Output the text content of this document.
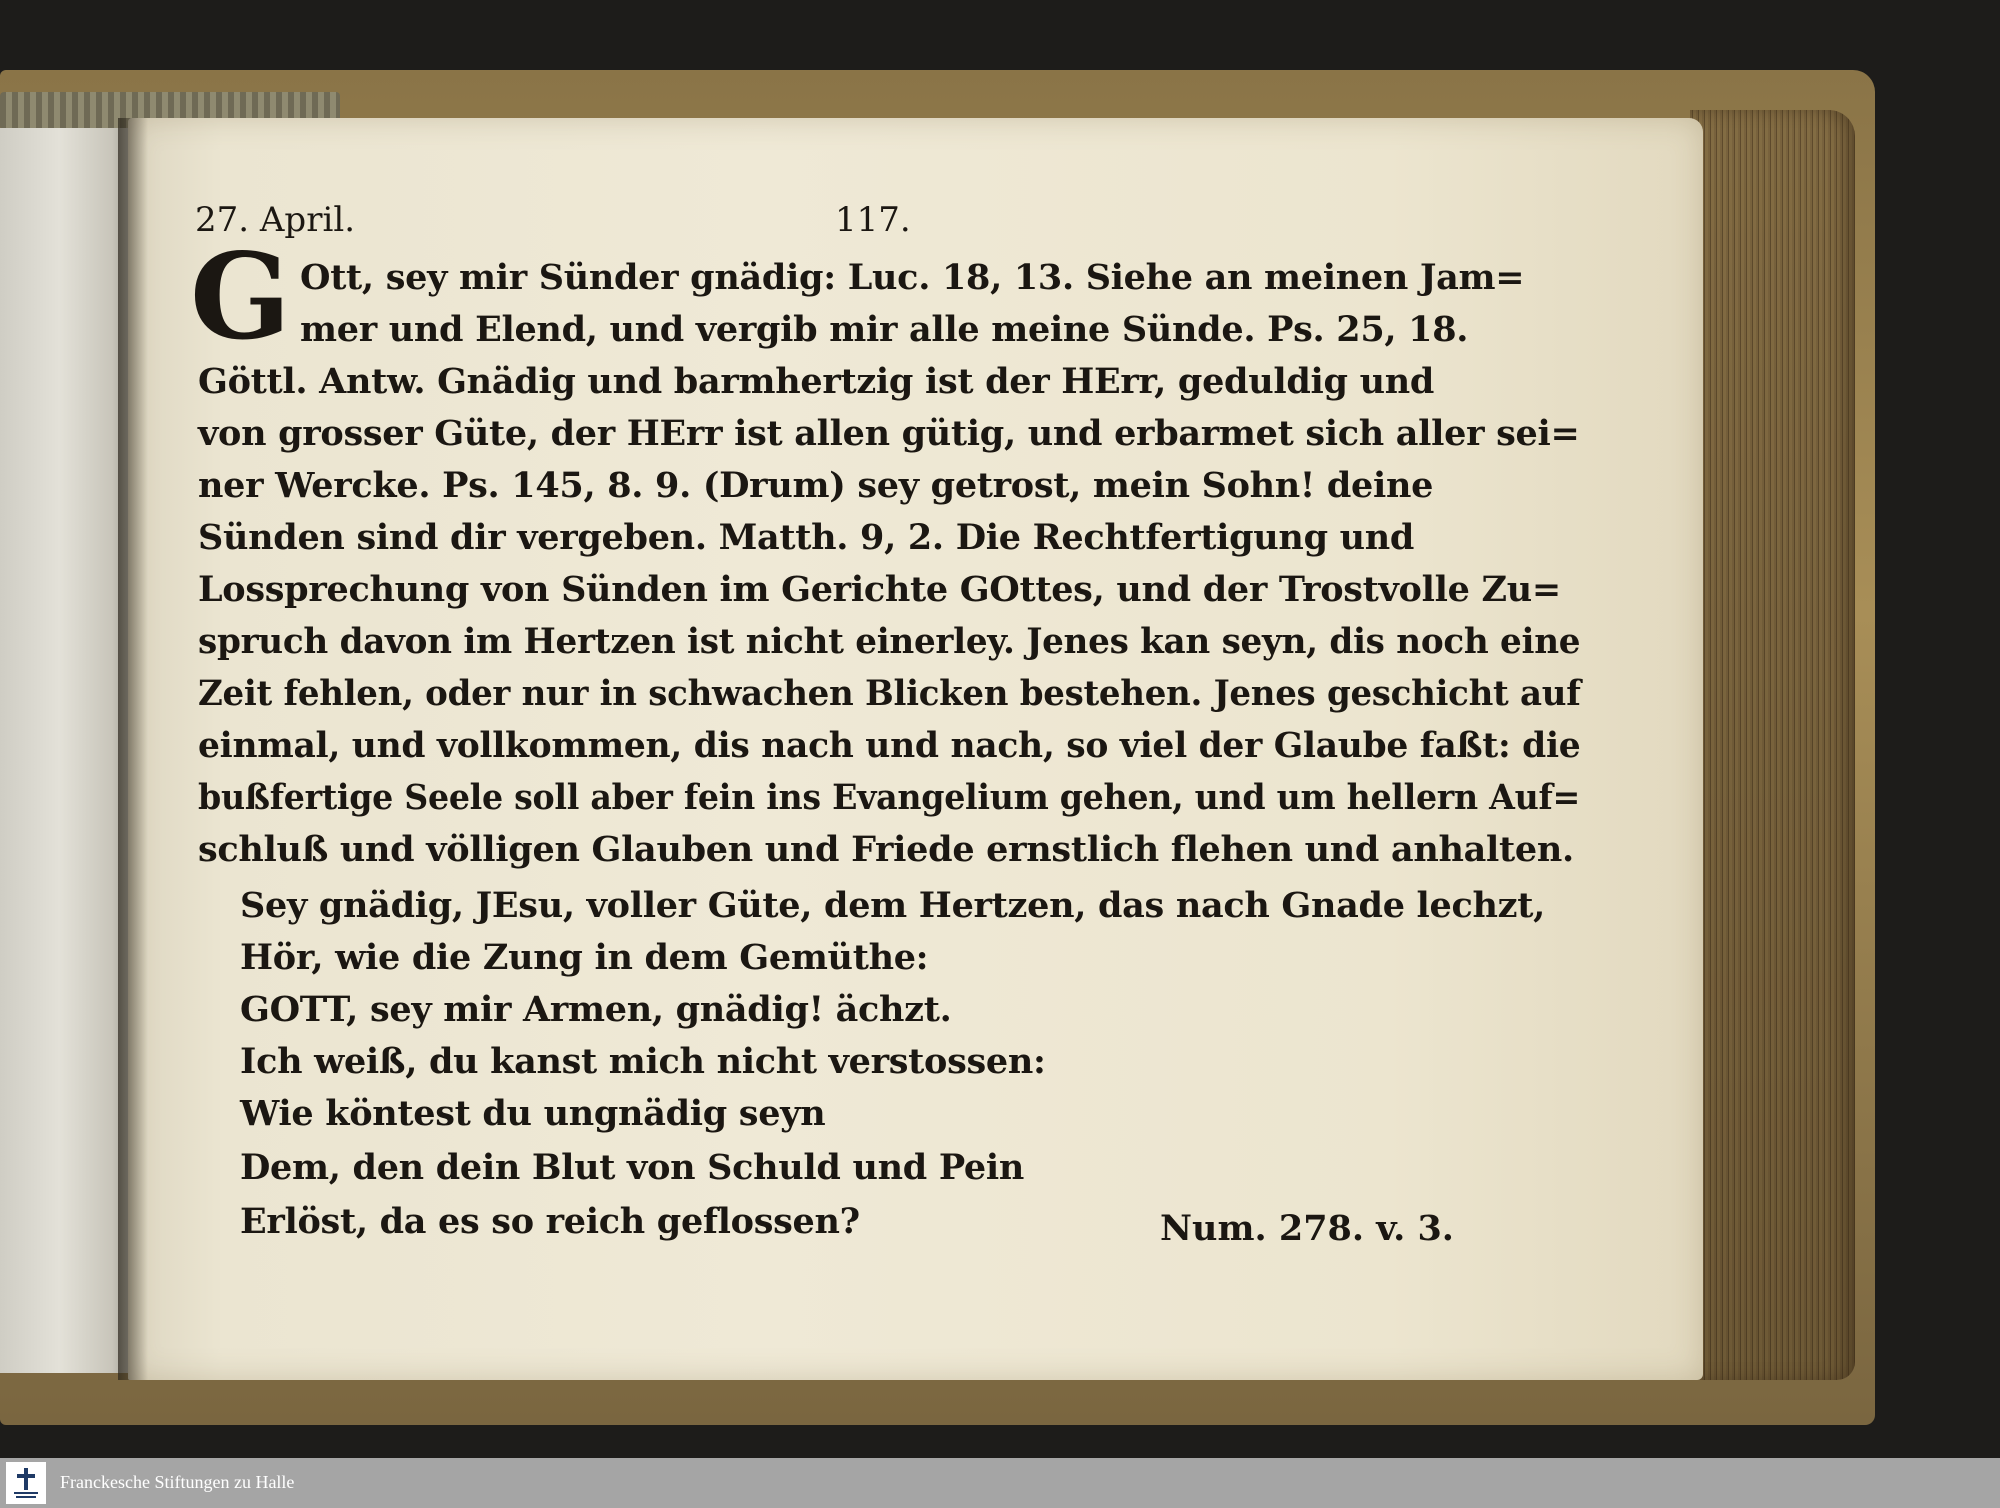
27. April.	117.
G Ott, sey mir Sünder gnädig: Luc. 18, 13. Siehe an meinen Jam=
mer und Elend, und vergib mir alle meine Sünde. Ps. 25, 18.
Göttl. Antw. Gnädig und barmhertzig ist der HErr, geduldig und
von grosser Güte, der HErr ist allen gütig, und erbarmet sich aller sei=
ner Wercke. Ps. 145, 8. 9. (Drum) sey getrost, mein Sohn! deine
Sünden sind dir vergeben. Matth. 9, 2. Die Rechtfertigung und
Lossprechung von Sünden im Gerichte GOttes, und der Trostvolle Zu=
spruch davon im Hertzen ist nicht einerley. Jenes kan seyn, dis noch eine
Zeit fehlen, oder nur in schwachen Blicken bestehen. Jenes geschicht auf
einmal, und vollkommen, dis nach und nach, so viel der Glaube faßt: die
bußfertige Seele soll aber fein ins Evangelium gehen, und um hellern Auf=
schluß und völligen Glauben und Friede ernstlich flehen und anhalten.
Sey gnädig, JEsu, voller Güte, dem Hertzen, das nach Gnade lechzt,
Hör, wie die Zung in dem Gemüthe:
GOTT, sey mir Armen, gnädig! ächzt.
Ich weiß, du kanst mich nicht verstossen:
Wie köntest du ungnädig seyn
Dem, den dein Blut von Schuld und Pein
Erlöst, da es so reich geflossen?	Num. 278. v. 3.
Franckesche Stiftungen zu Halle
